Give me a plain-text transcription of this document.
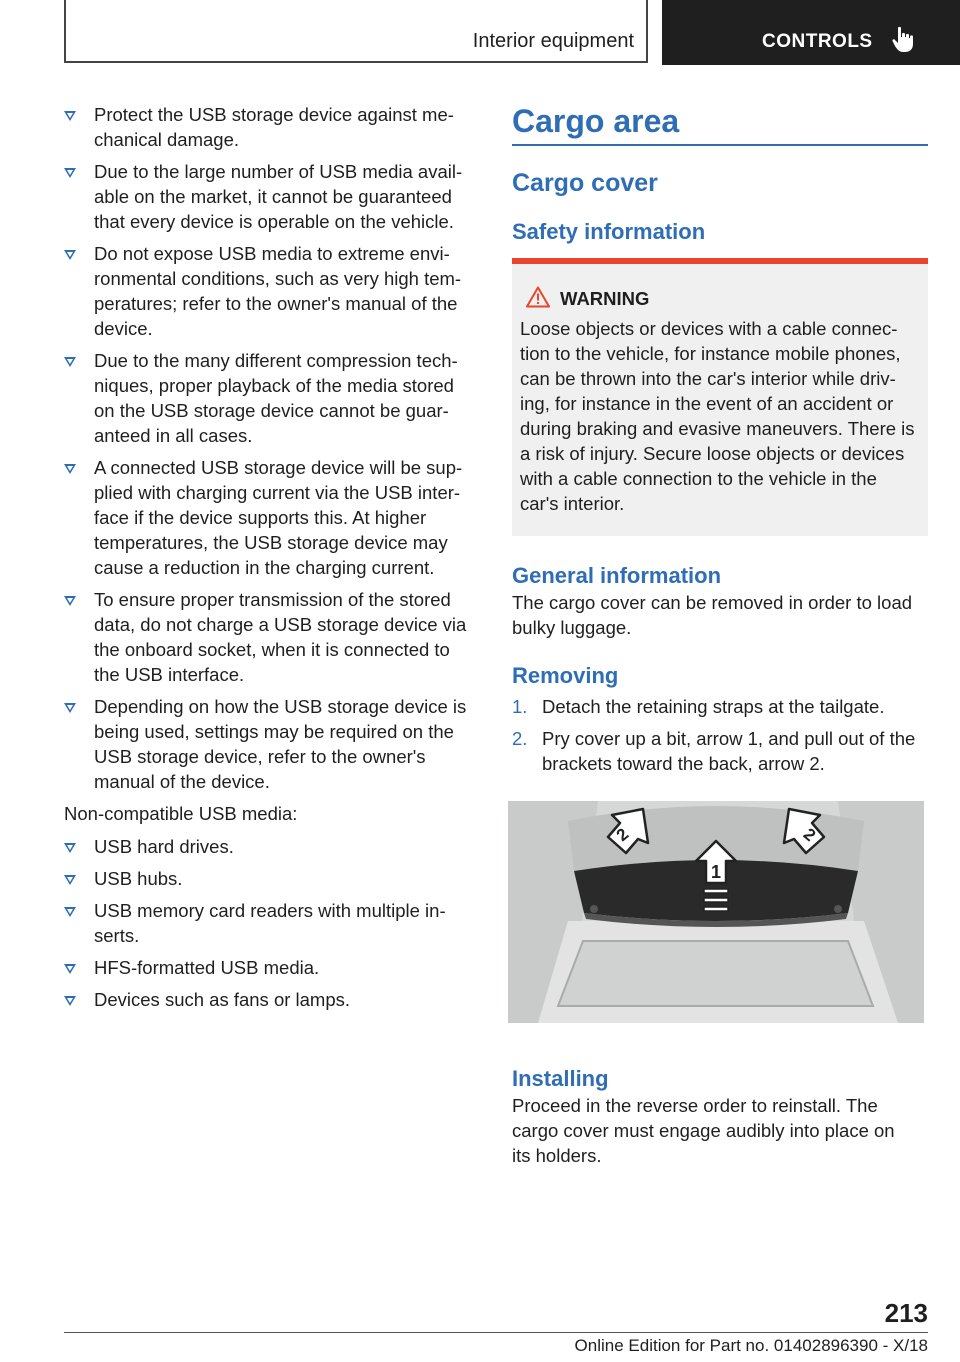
Interior equipment	CONTROLS
Protect the USB storage device against me-
chanical damage.
Due to the large number of USB media avail-
able on the market, it cannot be guaranteed
that every device is operable on the vehicle.
Do not expose USB media to extreme envi-
ronmental conditions, such as very high tem-
peratures; refer to the owner's manual of the
device.
Due to the many different compression tech-
niques, proper playback of the media stored
on the USB storage device cannot be guar-
anteed in all cases.
A connected USB storage device will be sup-
plied with charging current via the USB inter-
face if the device supports this. At higher
temperatures, the USB storage device may
cause a reduction in the charging current.
To ensure proper transmission of the stored
data, do not charge a USB storage device via
the onboard socket, when it is connected to
the USB interface.
Depending on how the USB storage device is
being used, settings may be required on the
USB storage device, refer to the owner's
manual of the device.

Non-compatible USB media:

USB hard drives.
USB hubs.
USB memory card readers with multiple in-
serts.
HFS-formatted USB media.
Devices such as fans or lamps.
Cargo area
Cargo cover
Safety information
WARNING

Loose objects or devices with a cable connec-
tion to the vehicle, for instance mobile phones,
can be thrown into the car's interior while driv-
ing, for instance in the event of an accident or
during braking and evasive maneuvers. There is
a risk of injury. Secure loose objects or devices
with a cable connection to the vehicle in the
car's interior.

General information

The cargo cover can be removed in order to load
bulky luggage.

Removing
1. Detach the retaining straps at the tailgate.
2. Pry cover up a bit, arrow 1, and pull out of the
brackets toward the back, arrow 2.
1
2	2
Installing

Proceed in the reverse order to reinstall. The
cargo cover must engage audibly into place on
its holders.

213
Online Edition for Part no. 01402896390 - X/18
